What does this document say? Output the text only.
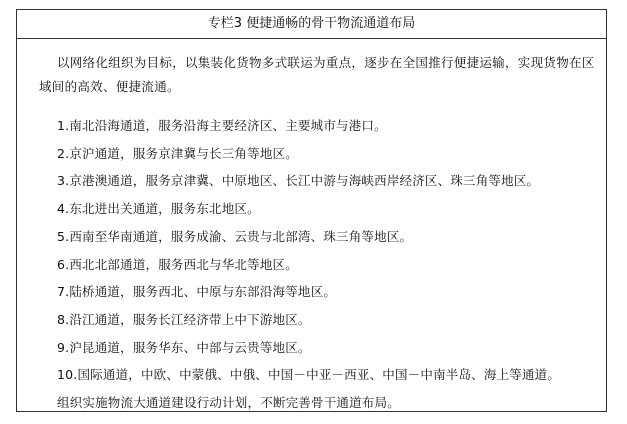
专栏3 便捷通畅的骨干物流通道布局
以网络化组织为目标，以集装化货物多式联运为重点，逐步在全国推行便捷运输，实现货物在区域间的高效、便捷流通。
1.南北沿海通道，服务沿海主要经济区、主要城市与港口。
2.京沪通道，服务京津冀与长三角等地区。
3.京港澳通道，服务京津冀、中原地区、长江中游与海峡西岸经济区、珠三角等地区。
4.东北进出关通道，服务东北地区。
5.西南至华南通道，服务成渝、云贵与北部湾、珠三角等地区。
6.西北北部通道，服务西北与华北等地区。
7.陆桥通道，服务西北、中原与东部沿海等地区。
8.沿江通道，服务长江经济带上中下游地区。
9.沪昆通道，服务华东、中部与云贵等地区。
10.国际通道，中欧、中蒙俄、中俄、中国－中亚－西亚、中国－中南半岛、海上等通道。
组织实施物流大通道建设行动计划，不断完善骨干通道布局。
